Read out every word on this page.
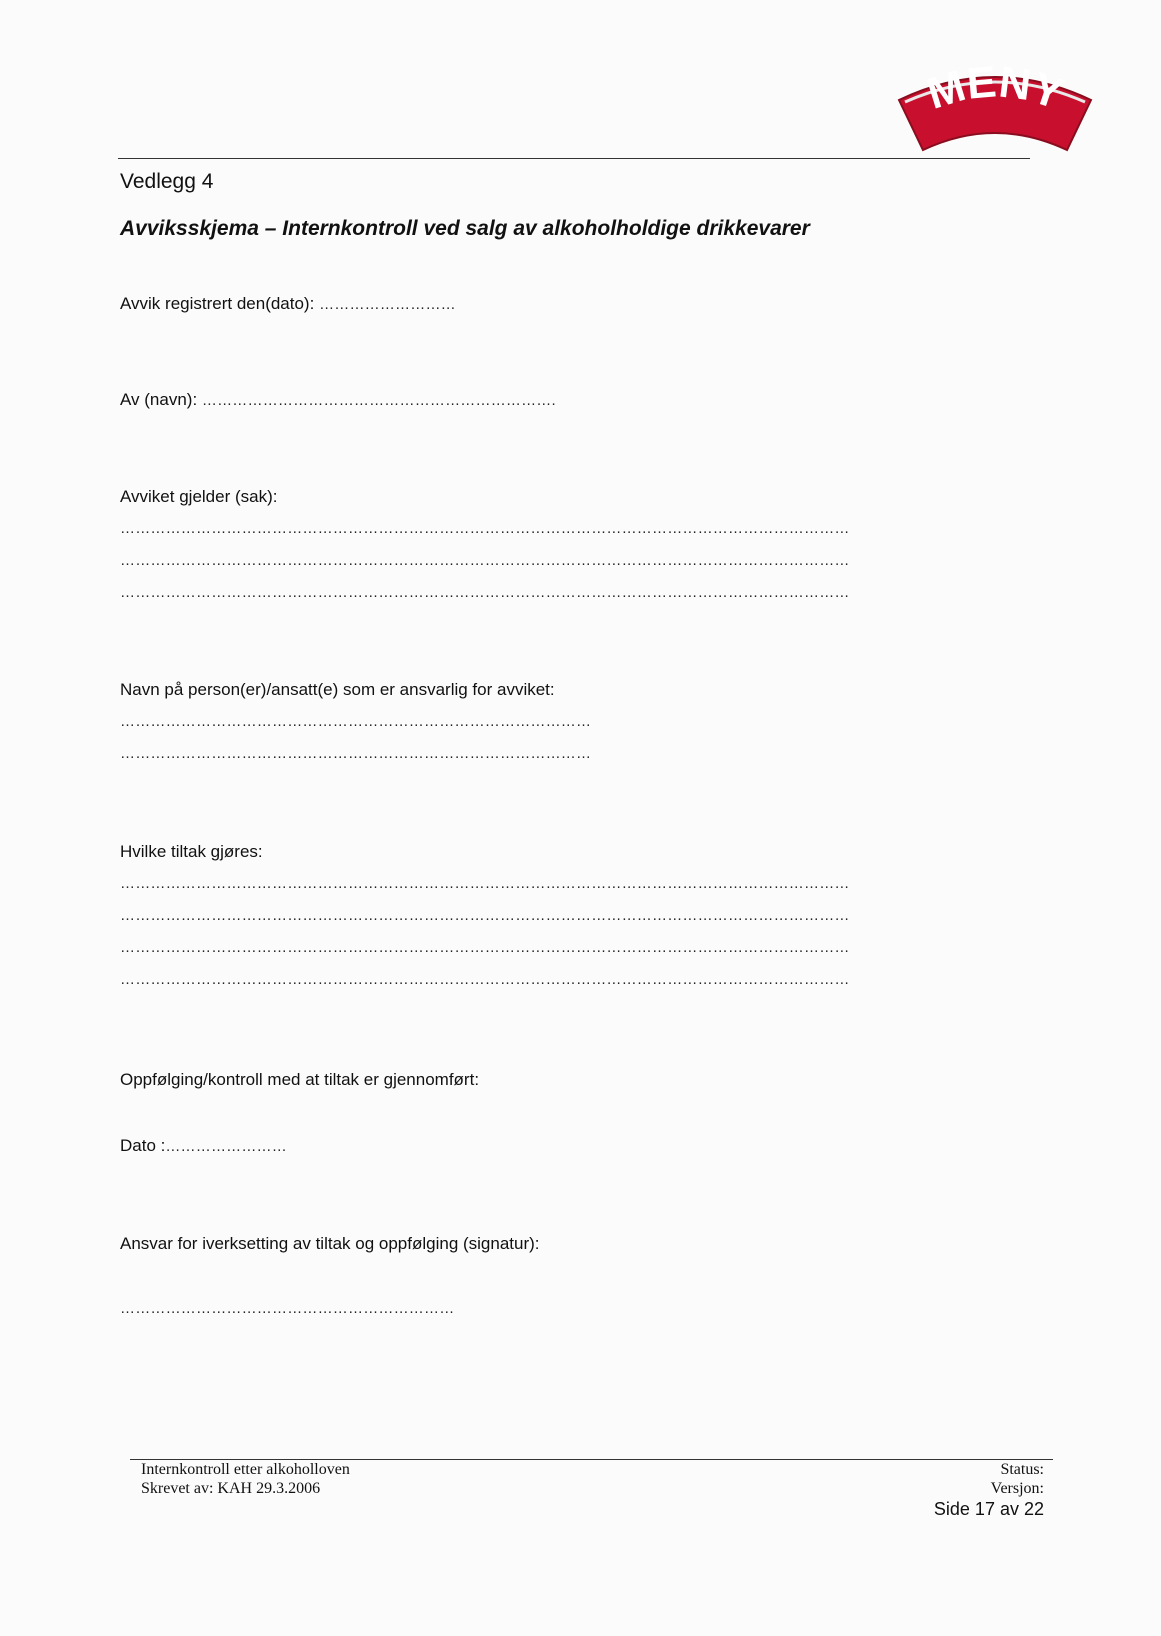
MENY
Vedlegg 4
Avviksskjema – Internkontroll ved salg av alkoholholdige drikkevarer
Avvik registrert den(dato): ………………………
Av (navn): …………………………………………………………….
Avviket gjelder (sak):
………………………………………………………………………………………………………………………………
………………………………………………………………………………………………………………………………
………………………………………………………………………………………………………………………………
Navn på person(er)/ansatt(e) som er ansvarlig for avviket:
…………………………………………………………………………………
…………………………………………………………………………………
Hvilke tiltak gjøres:
………………………………………………………………………………………………………………………………
………………………………………………………………………………………………………………………………
………………………………………………………………………………………………………………………………
………………………………………………………………………………………………………………………………
Oppfølging/kontroll med at tiltak er gjennomført:
Dato :……………………
Ansvar for iverksetting av tiltak og oppfølging (signatur):
…………………………………………………………
Internkontroll etter alkoholloven
Skrevet av: KAH 29.3.2006
Status:
Versjon:
Side 17 av 22
